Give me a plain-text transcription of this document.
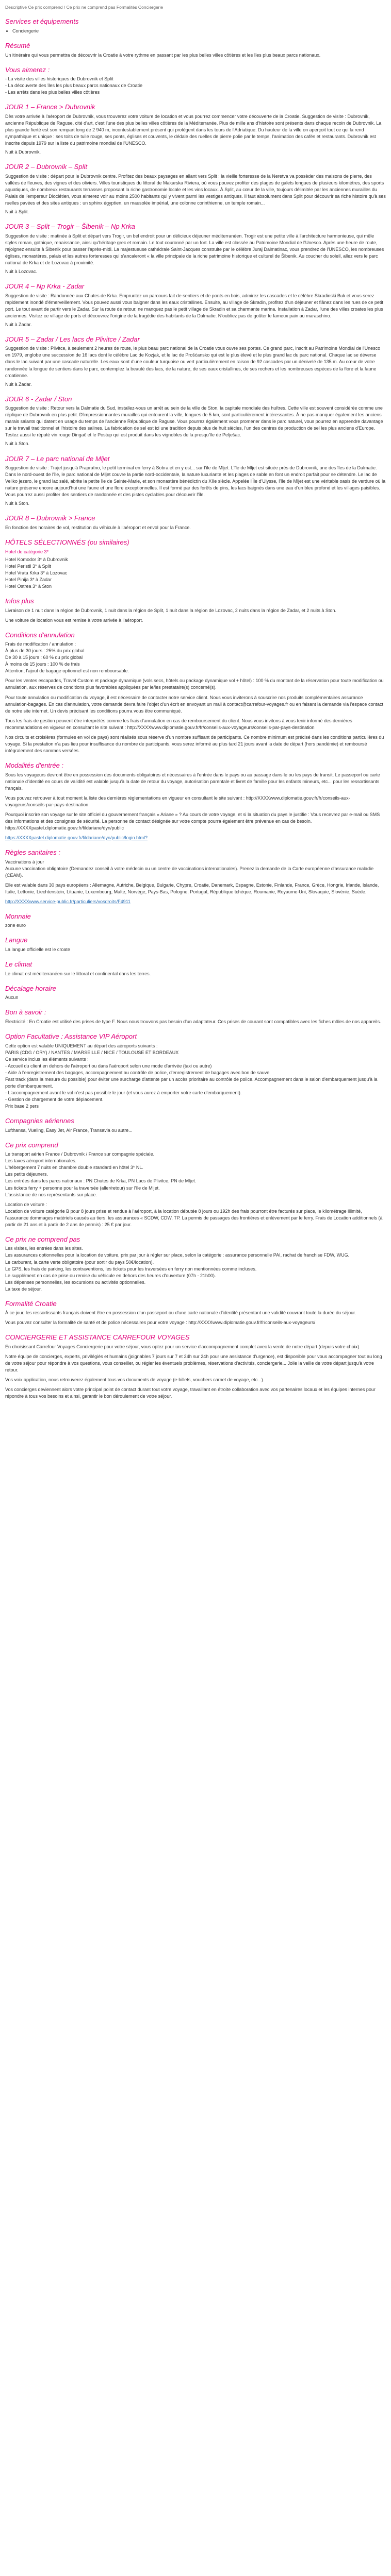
Descriptive Ce prix comprend / Ce prix ne comprend pas Formalités Conciergerie
Services et équipements
• Conciergerie
Résumé

Un itinéraire qui vous permettra de découvrir la Croatie à votre rythme en passant par les plus belles villes côtières et les îles plus beaux parcs nationaux.

Vous aimerez :
- La visite des villes historiques de Dubrovnik et Split
- La découverte des îles les plus beaux parcs nationaux de Croatie
- Les arrêts dans les plus belles villes côtières
JOUR 1 – France > Dubrovnik

Dès votre arrivée à l'aéroport de Dubrovnik, vous trouverez votre voiture de location et vous pourrez commencer votre découverte de la Croatie. Suggestion de visite : Dubrovnik, ancienne République de Raguse, cité d'art, c'est l'une des plus belles villes côtières de la Méditerranée. Plus de mille ans d'histoire sont présents dans chaque recoin de Dubrovnik. La plus grande fierté est son rempart long de 2 940 m, incontestablement présent qui protègent dans les tours de l'Adriatique. Du hauteur de la ville on aperçoit tout ce qui la rend sympathique et unique : ses toits de tuile rouge, ses ponts, églises et couvents, le dédale des ruelles de pierre polie par le temps, l'animation des cafés et restaurants. Dubrovnik est inscrite depuis 1979 sur la liste du patrimoine mondial de l'UNESCO.

Nuit à Dubrovnik.
JOUR 2 – Dubrovnik – Split

Suggestion de visite : départ pour le Dubrovnik centre. Profitez des beaux paysages en allant vers Split : la vieille forteresse de la Neretva va possèder des maisons de pierre, des vallées de fleuves, des vignes et des oliviers. Villes touristiques du littoral de Makarska Riviera, où vous pouvez profiter des plages de galets longues de plusieurs kilomètres, des sports aquatiques, de nombreux restaurants terrasses proposant la riche gastronomie locale et les vins locaux. À Split, au cœur de la ville, toujours délimitée par les anciennes murailles du Palais de l'empereur Dioclétien, vous aimerez voir au moins 2500 habitants qui y vivent parmi les vestiges antiques. Il faut absolument dans Split pour découvrir sa riche histoire qu'à ses ruelles pavées et des sites antiques : un sphinx égyptien, un mausolée impérial, une colonne corinthienne, un temple romain...

Nuit à Split.
JOUR 3 – Split – Trogir – Šibenik – Np Krka

Suggestion de visite : matinée à Split et départ vers Trogir, un bel endroit pour un délicieux déjeuner méditerranéen. Trogir est une petite ville à l'architecture harmonieuse, qui mêle styles roman, gothique, renaissance, ainsi qu'héritage grec et romain. Le tout couronné par un fort. La ville est classée au Patrimoine Mondial de l'Unesco. Après une heure de route, rejoignez ensuite à Šibenik pour passer l'après-midi. La majestueuse cathédrale Saint-Jacques construite par le célèbre Juraj Dalmatinac, vous prendrez de l'UNESCO, les nombreuses églises, monastères, palais et les autres forteresses qui s'ancaleront « la ville principale de la riche patrimoine historique et culturel de Šibenik. Au coucher du soleil, allez vers le parc national de Krka et de Lozovac à proximité.

Nuit à Lozovac.
JOUR 4 – Np Krka - Zadar

Suggestion de visite : Randonnée aux Chutes de Krka. Empruntez un parcours fait de sentiers et de ponts en bois, admirez les cascades et le célèbre Skradinski Buk et vous serez rapidement inondé d'émerveillement. Vous pouvez aussi vous baigner dans les eaux cristallines. Ensuite, au village de Skradin, profitez d'un déjeuner et flânez dans les rues de ce petit port. Le tout avant de partir vers le Zadar. Sur la route de retour, ne manquez pas le petit village de Skradin et sa charmante marina. Installation à Zadar, l'une des villes croates les plus anciennes. Visitez ce village de ports et découvrez l'origine de la tragédie des habitants de la Dalmatie. N'oubliez pas de goûter le fameux pain au maraschino.

Nuit à Zadar.
JOUR 5 – Zadar / Les lacs de Plivitce / Zadar

Suggestion de visite : Plivitce, à seulement 2 heures de route, le plus beau parc national de la Croatie vous ouvre ses portes. Ce grand parc, inscrit au Patrimoine Mondial de l'Unesco en 1979, englobe une succession de 16 lacs dont le célèbre Lac de Kozjak, et le lac de Prošćansko qui est le plus élevé et le plus grand lac du parc national. Chaque lac se déverse dans le lac suivant par une cascade naturelle. Les eaux sont d'une couleur turquoise ou vert particulièrement en raison de 92 cascades par un dénivelé de 135 m. Au cœur de votre randonnée la longue de sentiers dans le parc, contemplez la beauté des lacs, de la nature, de ses eaux cristallines, de ses rochers et les nombreuses espèces de la flore et la faune croatienne.

Nuit à Zadar.
JOUR 6 - Zadar / Ston

Suggestion de visite : Retour vers la Dalmatie du Sud, installez-vous un arrêt au sein de la ville de Ston, la capitale mondiale des huîtres. Cette ville est souvent considérée comme une réplique de Dubrovnik en plus petit. D'impressionnantes murailles qui entourent la ville, longues de 5 km, sont particulièrement intéressantes. À ne pas manquer également les anciens marais salants qui datent en usage du temps de l'ancienne République de Raguse. Vous pourrez également vous promener dans le parc naturel, vous pourrez en apprendre davantage sur le travail traditionnel et l'histoire des salines. La fabrication de sel est ici une tradition depuis plus de huit siècles, l'un des centres de production de sel les plus anciens d'Europe. Testez aussi le réputé vin rouge Dingač et le Postup qui est produit dans les vignobles de la presqu'île de Pelješac.

Nuit à Ston.
JOUR 7 – Le parc national de Mljet

Suggestion de visite : Trajet jusqu'à Prapratno, le petit terminal en ferry à Sobra et en y est... sur l'île de Mljet. L'île de Mljet est située près de Dubrovnik, une des îles de la Dalmatie. Dans le nord-ouest de l'île, le parc national de Mljet couvre la partie nord-occidentale, la nature luxuriante et les plages de sable en font un endroit parfait pour se détendre. Le lac de Veliko jezero, le grand lac salé, abrite la petite île de Sainte-Marie, et son monastère bénédictin du XIIe siècle. Appelée l'Île d'Ulysse, l'île de Mljet est une véritable oasis de verdure où la nature préserve encore aujourd'hui une faune et une flore exceptionnelles. Il est formé par des forêts de pins, les lacs baignés dans une eau d'un bleu profond et les villages paisibles. Vous pourrez aussi profiter des sentiers de randonnée et des pistes cyclables pour découvrir l'île.

Nuit à Ston.
JOUR 8 – Dubrovnik > France

En fonction des horaires de vol, restitution du véhicule à l'aéroport et envol pour la France.

HÔTELS SÉLECTIONNÉS (ou similaires)
Hotel de catégorie 3*
Hotel Komodor 3* à Dubrovnik
Hotel Peristil 3* à Split
Hotel Vrata Krka 3* à Lozovac
Hotel Pinija 3* à Zadar
Hotel Ostrea 3* à Ston
Infos plus

Livraison de 1 nuit dans la région de Dubrovnik, 1 nuit dans la région de Split, 1 nuit dans la région de Lozovac, 2 nuits dans la région de Zadar, et 2 nuits à Ston.

Une voiture de location vous est remise à votre arrivée à l'aéroport.

Conditions d'annulation
Frais de modification / annulation :
À plus de 30 jours : 25% du prix global
De 30 à 15 jours : 60 % du prix global
À moins de 15 jours : 100 % de frais

Attention, l'ajout de bagage optionnel est non remboursable.

Pour les ventes escapades, Travel Custom et package dynamique (vols secs, hôtels ou package dynamique vol + hôtel) : 100 % du montant de la réservation pour toute modification ou annulation, aux réserves de conditions plus favorables appliquées par le/les prestataire(s) concerné(s).

Pour toute annulation ou modification du voyage, il est nécessaire de contacter notre service client. Nous vous inviterons à souscrire nos produits complémentaires assurance annulation-bagages. En cas d'annulation, votre demande devra faire l'objet d'un écrit en envoyant un mail à contact@carrefour-voyages.fr ou en faisant la demande via l'espace contact de notre site internet. Un devis précisant les conditions pourra vous être communiqué.

Tous les frais de gestion peuvent être interprétés comme les frais d'annulation en cas de remboursement du client. Nous vous invitons à vous tenir informé des dernières recommandations en vigueur en consultant le site suivant : http://XXXXwww.diplomatie.gouv.fr/fr/conseils-aux-voyageurs/conseils-par-pays-destination

Nos circuits et croisières (formules en vol de pays) sont réalisés sous réserve d'un nombre suffisant de participants. Ce nombre minimum est précisé dans les conditions particulières du voyage. Si la prestation n'a pas lieu pour insuffisance du nombre de participants, vous serez informé au plus tard 21 jours avant la date de départ (hors pandémie) et remboursé intégralement des sommes versées.

Modalités d'entrée :

Sous les voyageurs devront être en possession des documents obligatoires et nécessaires à l'entrée dans le pays ou au passage dans le ou les pays de transit. Le passeport ou carte nationale d'identité en cours de validité est valable jusqu'à la date de retour du voyage, autorisation parentale et livret de famille pour les enfants mineurs, etc... pour les ressortissants français.

Vous pouvez retrouver à tout moment la liste des dernières réglementations en vigueur en consultant le site suivant : http://XXXXwww.diplomatie.gouv.fr/fr/conseils-aux-voyageurs/conseils-par-pays-destination

Pourquoi inscrire son voyage sur le site officiel du gouvernement français « Ariane » ? Au cours de votre voyage, et si la situation du pays le justifie : Vous recevrez par e-mail ou SMS des informations et des consignes de sécurité. La personne de contact désignée sur votre compte pourra également être prévenue en cas de besoin. https://XXXXpastel.diplomatie.gouv.fr/fildariane/dyn/public

https://XXXXpastel.diplomatie.gouv.fr/fildariane/dyn/public/login.html?

Règles sanitaires :
Vaccinations à jour

Aucune vaccination obligatoire (Demandez conseil à votre médecin ou un centre de vaccinations internationales). Prenez la demande de la Carte européenne d'assurance maladie (CEAM).

Elle est valable dans 30 pays européens : Allemagne, Autriche, Belgique, Bulgarie, Chypre, Croatie, Danemark, Espagne, Estonie, Finlande, France, Grèce, Hongrie, Irlande, Islande, Italie, Lettonie, Liechtenstein, Lituanie, Luxembourg, Malte, Norvège, Pays-Bas, Pologne, Portugal, République tchèque, Roumanie, Royaume-Uni, Slovaquie, Slovénie, Suède.

http://XXXXwww.service-public.fr/particuliers/vosdroits/F4911

Monnaie

zone euro

Langue

La langue officielle est le croate

Le climat

Le climat est méditerranéen sur le littoral et continental dans les terres.

Décalage horaire

Aucun

Bon à savoir :

Électricité : En Croatie est utilisé des prises de type F. Nous nous trouvons pas besoin d'un adaptateur. Ces prises de courant sont compatibles avec les fiches mâles de nos appareils.

Option Facultative : Assistance VIP Aéroport
Cette option est valable UNIQUEMENT au départ des aéroports suivants :
PARIS (CDG / ORY) / NANTES / MARSEILLE / NICE / TOULOUSE ET BORDEAUX
Ce service inclus les éléments suivants :
- Accueil du client en dehors de l'aéroport ou dans l'aéroport selon une mode d'arrivée (taxi ou autre)
- Aide à l'enregistrement des bagages, accompagnement au contrôle de police, d'enregistrement de bagages avec bon de sauve
Fast track (dans la mesure du possible) pour éviter une surcharge d'attente par un accès prioritaire au contrôle de police. Accompagnement dans le salon d'embarquement jusqu'à la porte d'embarquement.
- L'accompagnement avant le vol n'est pas possible le jour (et vous aurez à emporter votre carte d'embarquement).
- Gestion de chargement de votre déplacement.

Prix base 2 pers

Compagnies aériennes

Lufthansa, Vueling, Easy Jet, Air France, Transavia ou autre...

Ce prix comprend
Le transport aérien France / Dubrovnik / France sur compagnie spéciale.
Les taxes aéroport internationales.
L'hébergement 7 nuits en chambre double standard en hôtel 3* NL.
Les petits déjeuners.
Les entrées dans les parcs nationaux : PN Chutes de Krka, PN Lacs de Plivitce, PN de Mljet.
Les tickets ferry + personne pour la traversée (aller/retour) sur l'île de Mljet.

L'assistance de nos représentants sur place.

Location de voiture :

Location de voiture catégorie B pour 8 jours prise et rendue à l'aéroport, à la location débutée 8 jours ou 192h des frais pourront être facturés sur place, le kilométrage illimité, l'assurance dommages matériels causés au tiers, les assurances « SCDW, CDW, TP. La permis de passages des frontières et enlèvement par le ferry. Frais de Location additionnels (à partir de 21 ans et à partir de 2 ans de permis) : 25 € par jour.

Ce prix ne comprend pas
Les visites, les entrées dans les sites.
Les assurances optionnelles pour la location de voiture, prix par jour à régler sur place, selon la catégorie : assurance personnelle PAI, rachat de franchise FDW, WUG.
Le carburant, la carte verte obligatoire (pour sortir du pays 50€/location).
Le GPS, les frais de parking, les contraventions, les tickets pour les traversées en ferry non mentionnées comme incluses.
Le supplément en cas de prise ou remise du véhicule en dehors des heures d'ouverture (07h - 21h00).
Les dépenses personnelles, les excursions ou activités optionnelles.

La taxe de séjour.

Formalité Croatie

À ce jour, les ressortissants français doivent être en possession d'un passeport ou d'une carte nationale d'identité présentant une validité couvrant toute la durée du séjour.

Vous pouvez consulter la formalité de santé et de police nécessaires pour votre voyage : http://XXXXwww.diplomatie.gouv.fr/fr/conseils-aux-voyageurs/

CONCIERGERIE ET ASSISTANCE CARREFOUR VOYAGES

En choisissant Carrefour Voyages Conciergerie pour votre séjour, vous optez pour un service d'accompagnement complet avec la vente de notre départ (depuis votre choix).

Notre équipe de concierges, experts, privilégiés et humains (joignables 7 jours sur 7 et 24h sur 24h pour une assistance d'urgence), est disponible pour vous accompagner tout au long de votre séjour pour répondre à vos questions, vous conseiller, ou régler les éventuels problèmes, réservations d'activités, conciergerie... Jolie la veille de votre départ jusqu'à votre retour.

Vos voix application, nous retrouverez également tous vos documents de voyage (e-billets, vouchers carnet de voyage, etc...).

Vos concierges deviennent alors votre principal point de contact durant tout votre voyage, travaillant en étroite collaboration avec vos partenaires locaux et les équipes internes pour répondre à tous vos besoins et ainsi, garantir le bon déroulement de votre séjour.
